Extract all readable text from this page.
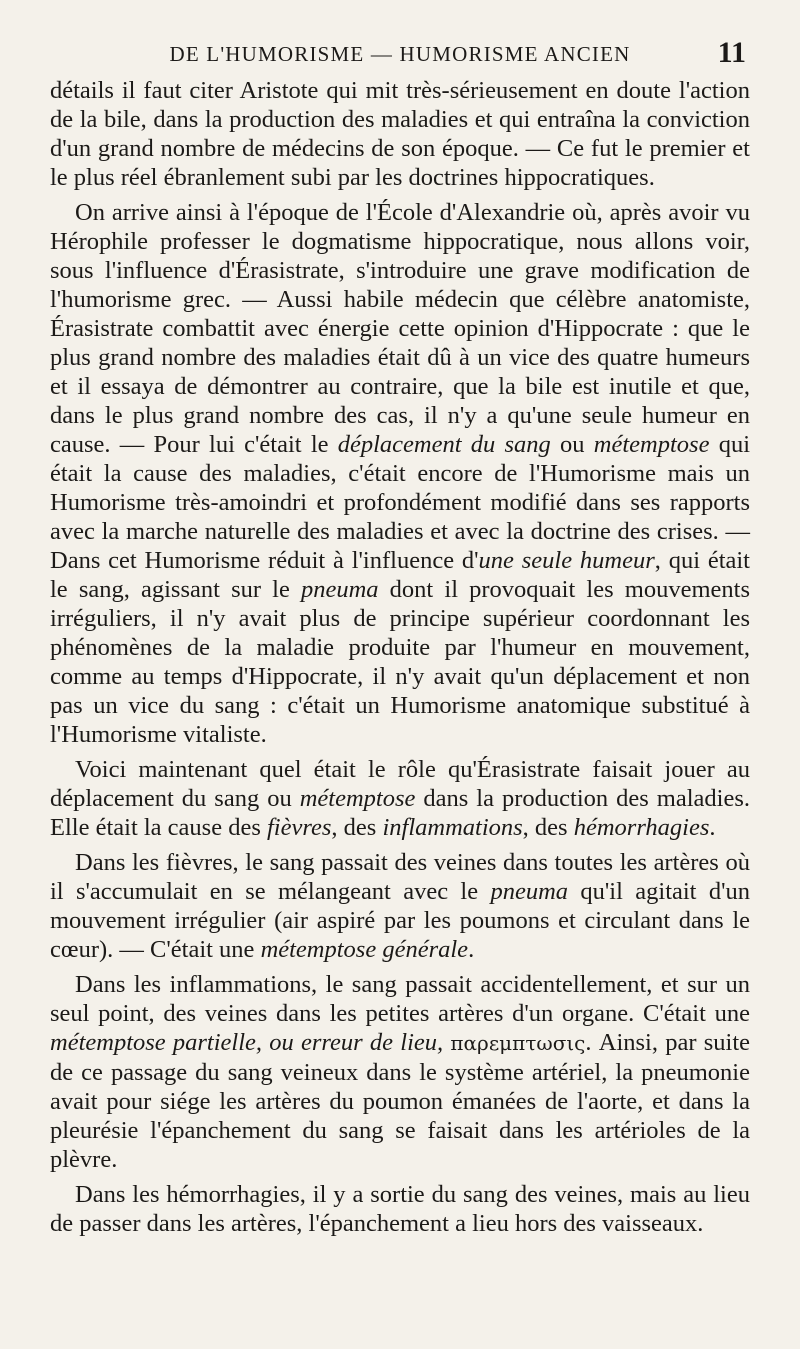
DE L'HUMORISME — HUMORISME ANCIEN	11

détails il faut citer Aristote qui mit très-sérieusement en doute l'action de la bile, dans la production des maladies et qui entraîna la conviction d'un grand nombre de médecins de son époque. — Ce fut le premier et le plus réel ébranlement subi par les doctrines hippocratiques.

On arrive ainsi à l'époque de l'École d'Alexandrie où, après avoir vu Hérophile professer le dogmatisme hippocratique, nous allons voir, sous l'influence d'Érasistrate, s'introduire une grave modification de l'humorisme grec. — Aussi habile médecin que célèbre anatomiste, Érasistrate combattit avec énergie cette opinion d'Hippocrate : que le plus grand nombre des maladies était dû à un vice des quatre humeurs et il essaya de démontrer au contraire, que la bile est inutile et que, dans le plus grand nombre des cas, il n'y a qu'une seule humeur en cause. — Pour lui c'était le déplacement du sang ou métemptose qui était la cause des maladies, c'était encore de l'Humorisme mais un Humorisme très-amoindri et profondément modifié dans ses rapports avec la marche naturelle des maladies et avec la doctrine des crises. — Dans cet Humorisme réduit à l'influence d'une seule humeur, qui était le sang, agissant sur le pneuma dont il provoquait les mouvements irréguliers, il n'y avait plus de principe supérieur coordonnant les phénomènes de la maladie produite par l'humeur en mouvement, comme au temps d'Hippocrate, il n'y avait qu'un déplacement et non pas un vice du sang : c'était un Humorisme anatomique substitué à l'Humorisme vitaliste.

Voici maintenant quel était le rôle qu'Érasistrate faisait jouer au déplacement du sang ou métemptose dans la production des maladies. Elle était la cause des fièvres, des inflammations, des hémorrhagies.

Dans les fièvres, le sang passait des veines dans toutes les artères où il s'accumulait en se mélangeant avec le pneuma qu'il agitait d'un mouvement irrégulier (air aspiré par les poumons et circulant dans le cœur). — C'était une métemptose générale.

Dans les inflammations, le sang passait accidentellement, et sur un seul point, des veines dans les petites artères d'un organe. C'était une métemptose partielle, ou erreur de lieu, παρεμπτωσις. Ainsi, par suite de ce passage du sang veineux dans le système artériel, la pneumonie avait pour siége les artères du poumon émanées de l'aorte, et dans la pleurésie l'épanchement du sang se faisait dans les artérioles de la plèvre.

Dans les hémorrhagies, il y a sortie du sang des veines, mais au lieu de passer dans les artères, l'épanchement a lieu hors des vaisseaux.
